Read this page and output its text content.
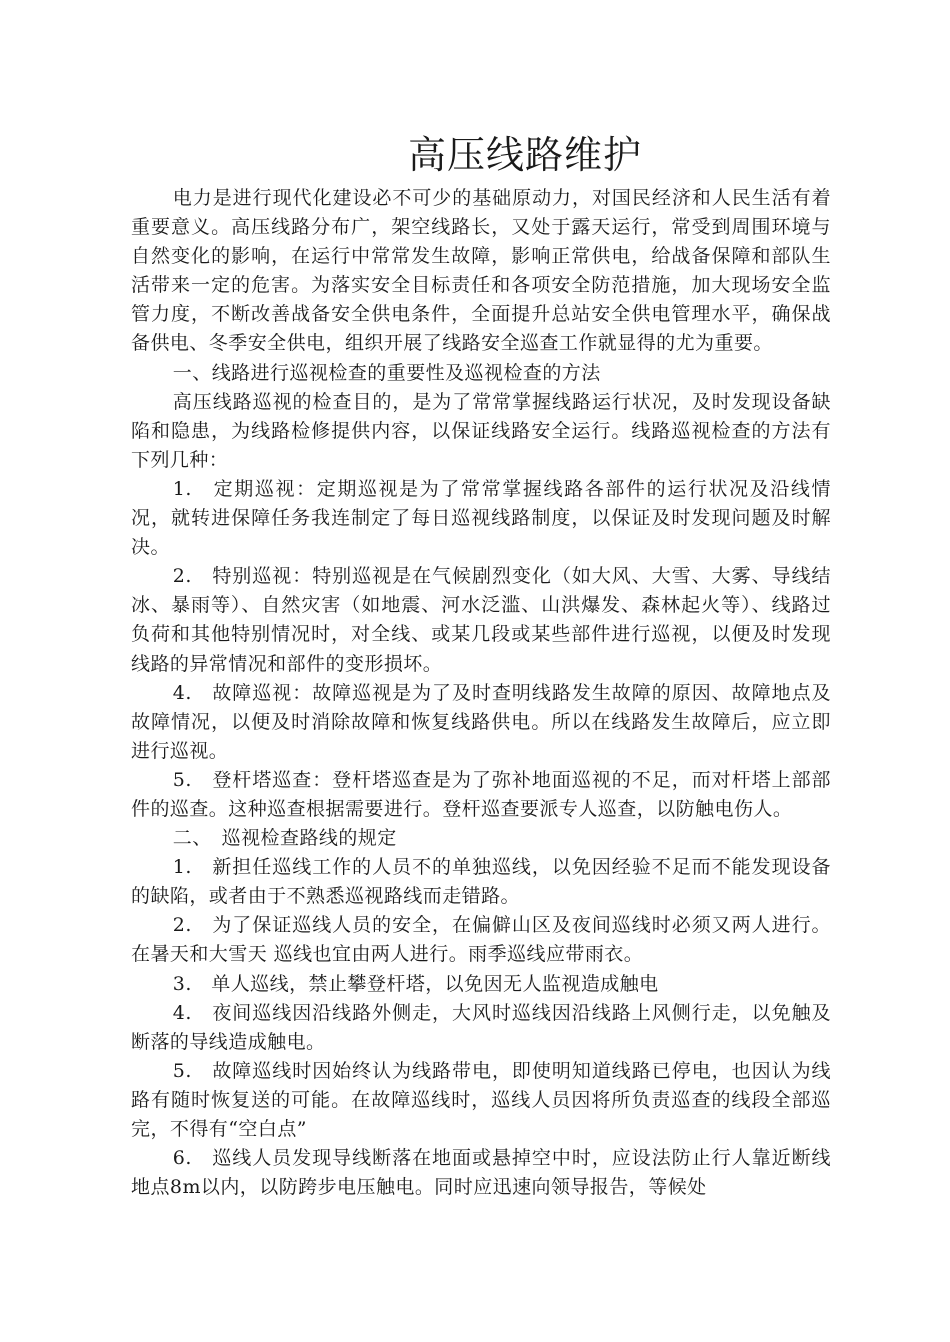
高压线路维护

电力是进行现代化建设必不可少的基础原动力，对国民经济和人民生活有着重要意义。高压线路分布广，架空线路长，又处于露天运行，常受到周围环境与自然变化的影响，在运行中常常发生故障，影响正常供电，给战备保障和部队生活带来一定的危害。为落实安全目标责任和各项安全防范措施，加大现场安全监管力度，不断改善战备安全供电条件，全面提升总站安全供电管理水平，确保战备供电、冬季安全供电，组织开展了线路安全巡查工作就显得的尤为重要。

一、线路进行巡视检查的重要性及巡视检查的方法

高压线路巡视的检查目的，是为了常常掌握线路运行状况，及时发现设备缺陷和隐患，为线路检修提供内容，以保证线路安全运行。线路巡视检查的方法有下列几种：

1.　定期巡视：定期巡视是为了常常掌握线路各部件的运行状况及沿线情况，就转进保障任务我连制定了每日巡视线路制度，以保证及时发现问题及时解决。

2.　特别巡视：特别巡视是在气候剧烈变化（如大风、大雪、大雾、导线结冰、暴雨等）、自然灾害（如地震、河水泛滥、山洪爆发、森林起火等）、线路过负荷和其他特别情况时，对全线、或某几段或某些部件进行巡视，以便及时发现线路的异常情况和部件的变形损坏。

4.　故障巡视：故障巡视是为了及时查明线路发生故障的原因、故障地点及故障情况，以便及时消除故障和恢复线路供电。所以在线路发生故障后，应立即进行巡视。

5.　登杆塔巡查：登杆塔巡查是为了弥补地面巡视的不足，而对杆塔上部部件的巡查。这种巡查根据需要进行。登杆巡查要派专人巡查，以防触电伤人。

二、　巡视检查路线的规定

1.　新担任巡线工作的人员不的单独巡线，以免因经验不足而不能发现设备的缺陷，或者由于不熟悉巡视路线而走错路。

2.　为了保证巡线人员的安全，在偏僻山区及夜间巡线时必须又两人进行。在暑天和大雪天 巡线也宜由两人进行。雨季巡线应带雨衣。

3.　单人巡线，禁止攀登杆塔，以免因无人监视造成触电

4.　夜间巡线因沿线路外侧走，大风时巡线因沿线路上风侧行走，以免触及断落的导线造成触电。

5.　故障巡线时因始终认为线路带电，即使明知道线路已停电，也因认为线路有随时恢复送的可能。在故障巡线时，巡线人员因将所负责巡查的线段全部巡完，不得有“空白点”

6.　巡线人员发现导线断落在地面或悬掉空中时，应设法防止行人靠近断线地点8m以内，以防跨步电压触电。同时应迅速向领导报告，等候处
